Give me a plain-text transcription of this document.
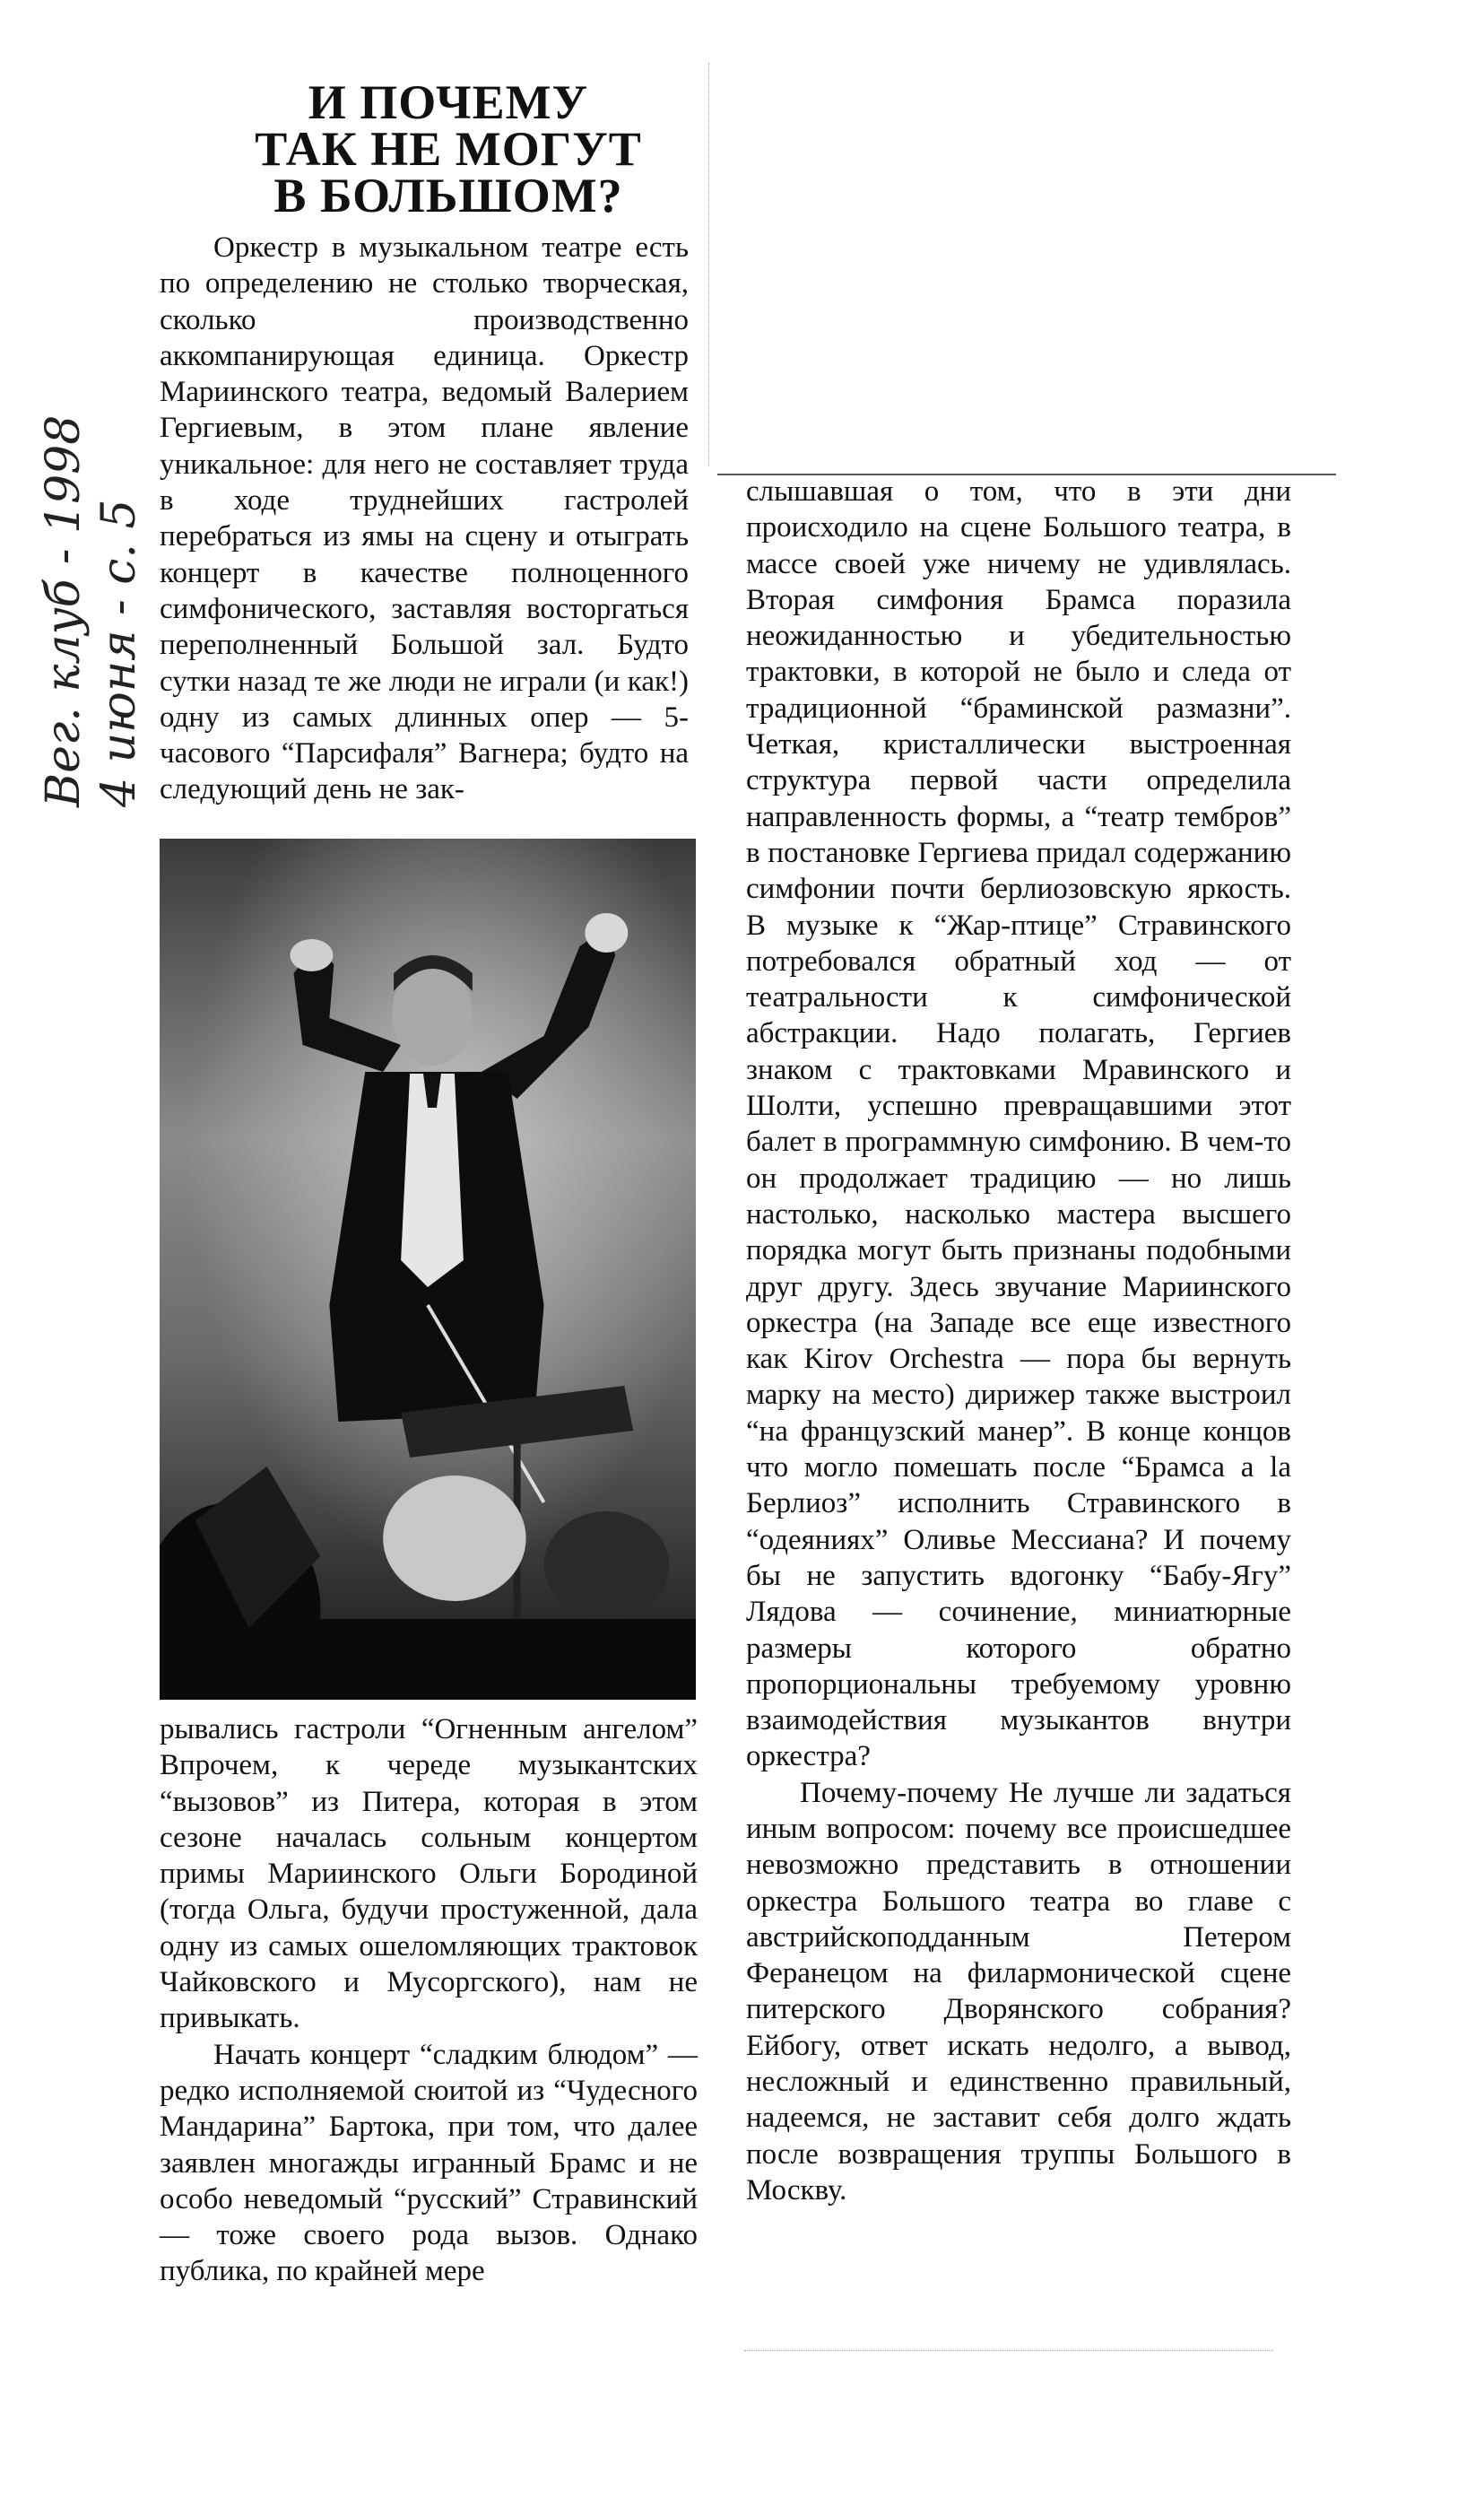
И ПОЧЕМУ
ТАК НЕ МОГУТ
В БОЛЬШОМ?
Вег. клуб - 1998 4 июня - с. 5

Оркестр в музыкальном театре есть по определению не столько творческая, сколько производственно аккомпанирующая единица. Оркестр Мариинского театра, ведомый Валерием Гергиевым, в этом плане явление уникальное: для него не составляет труда в ходе труднейших гастролей перебраться из ямы на сцену и отыграть концерт в качестве полноценного симфонического, заставляя восторгаться переполненный Большой зал. Будто сутки назад те же люди не играли (и как!) одну из самых длинных опер — 5-часового “Парсифаля” Вагнера; будто на следующий день не зак-

рывались гастроли “Огненным ангелом” Впрочем, к череде музыкантских “вызовов” из Питера, которая в этом сезоне началась сольным концертом примы Мариинского Ольги Бородиной (тогда Ольга, будучи простуженной, дала одну из самых ошеломляющих трактовок Чайковского и Мусоргского), нам не привыкать.

Начать концерт “сладким блюдом” — редко исполняемой сюитой из “Чудесного Мандарина” Бартока, при том, что далее заявлен многажды игранный Брамс и не особо неведомый “русский” Стравинский — тоже своего рода вызов. Однако публика, по крайней мере

слышавшая о том, что в эти дни происходило на сцене Большого театра, в массе своей уже ничему не удивлялась. Вторая симфония Брамса поразила неожиданностью и убедительностью трактовки, в которой не было и следа от традиционной “браминской размазни”. Четкая, кристаллически выстроенная структура первой части определила направленность формы, а “театр тембров” в постановке Гергиева придал содержанию симфонии почти берлиозовскую яркость. В музыке к “Жар-птице” Стравинского потребовался обратный ход — от театральности к симфонической абстракции. Надо полагать, Гергиев знаком с трактовками Мравинского и Шолти, успешно превращавшими этот балет в программную симфонию. В чем-то он продолжает традицию — но лишь настолько, насколько мастера высшего порядка могут быть признаны подобными друг другу. Здесь звучание Мариинского оркестра (на Западе все еще известного как Kirov Orchestra — пора бы вернуть марку на место) дирижер также выстроил “на французский манер”. В конце концов что могло помешать после “Брамса а la Берлиоз” исполнить Стравинского в “одеяниях” Оливье Мессиана? И почему бы не запустить вдогонку “Бабу-Ягу” Лядова — сочинение, миниатюрные размеры которого обратно пропорциональны требуемому уровню взаимодействия музыкантов внутри оркестра?

Почему-почему Не лучше ли задаться иным вопросом: почему все происшедшее невозможно представить в отношении оркестра Большого театра во главе с австрийскоподданным Петером Феранецом на филармонической сцене питерского Дворянского собрания? Ейбогу, ответ искать недолго, а вывод, несложный и единственно правильный, надеемся, не заставит себя долго ждать после возвращения труппы Большого в Москву.
